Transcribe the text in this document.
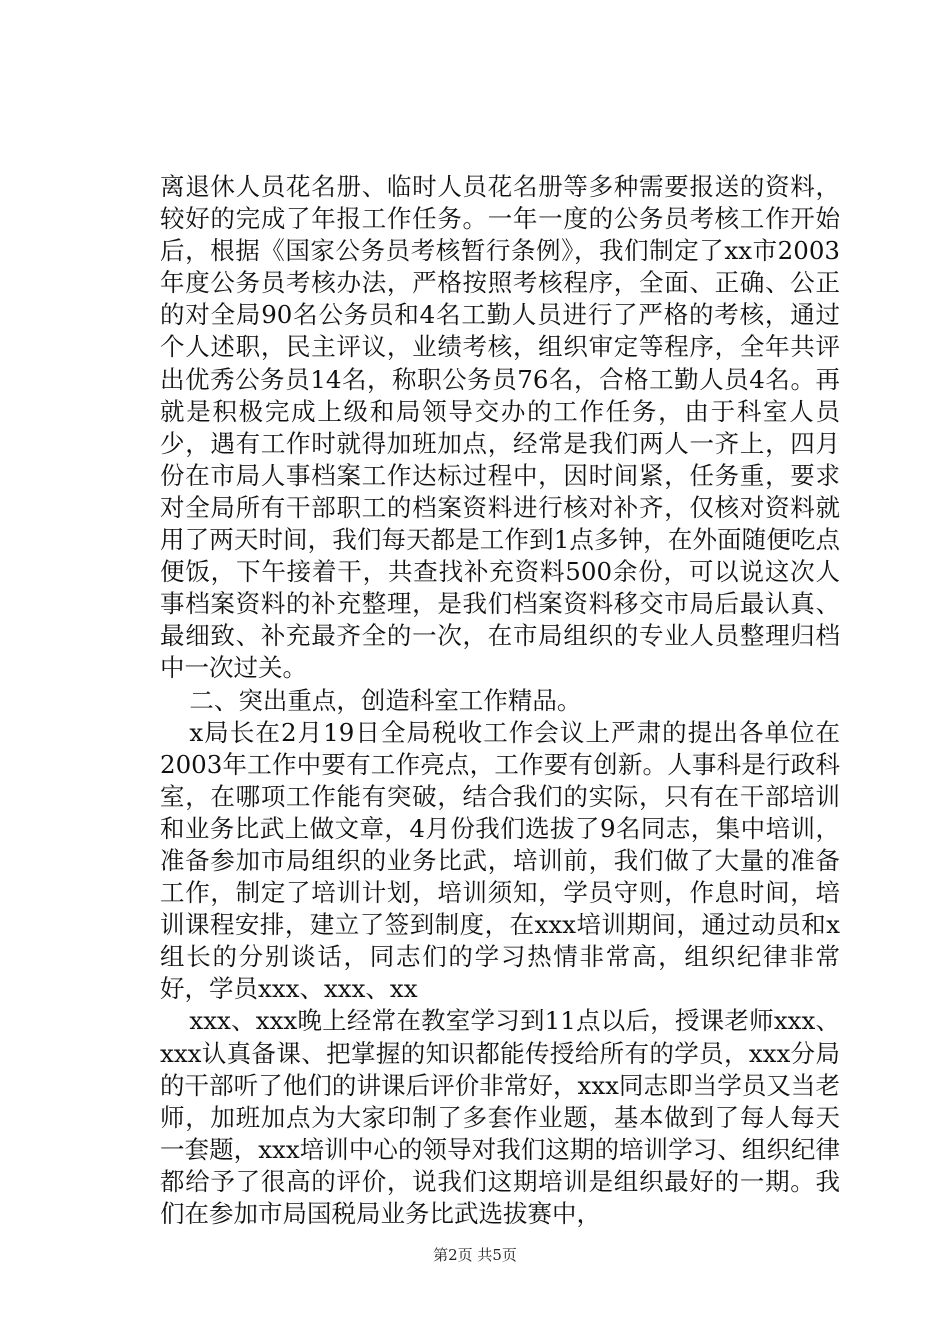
离退休人员花名册、临时人员花名册等多种需要报送的资料，较好的完成了年报工作任务。一年一度的公务员考核工作开始后，根据《国家公务员考核暂行条例》，我们制定了xx市2003年度公务员考核办法，严格按照考核程序，全面、正确、公正的对全局90名公务员和4名工勤人员进行了严格的考核，通过个人述职，民主评议，业绩考核，组织审定等程序，全年共评出优秀公务员14名，称职公务员76名，合格工勤人员4名。再就是积极完成上级和局领导交办的工作任务，由于科室人员少，遇有工作时就得加班加点，经常是我们两人一齐上，四月份在市局人事档案工作达标过程中，因时间紧，任务重，要求对全局所有干部职工的档案资料进行核对补齐，仅核对资料就用了两天时间，我们每天都是工作到1点多钟，在外面随便吃点便饭，下午接着干，共查找补充资料500余份，可以说这次人事档案资料的补充整理，是我们档案资料移交市局后最认真、最细致、补充最齐全的一次，在市局组织的专业人员整理归档中一次过关。

二、突出重点，创造科室工作精品。

x局长在2月19日全局税收工作会议上严肃的提出各单位在2003年工作中要有工作亮点，工作要有创新。人事科是行政科室，在哪项工作能有突破，结合我们的实际，只有在干部培训和业务比武上做文章，4月份我们选拔了9名同志，集中培训，准备参加市局组织的业务比武，培训前，我们做了大量的准备工作，制定了培训计划，培训须知，学员守则，作息时间，培训课程安排，建立了签到制度，在xxx培训期间，通过动员和x组长的分别谈话，同志们的学习热情非常高，组织纪律非常好，学员xxx、xxx、xx

xxx、xxx晚上经常在教室学习到11点以后，授课老师xxx、xxx认真备课、把掌握的知识都能传授给所有的学员，xxx分局的干部听了他们的讲课后评价非常好，xxx同志即当学员又当老师，加班加点为大家印制了多套作业题，基本做到了每人每天一套题，xxx培训中心的领导对我们这期的培训学习、组织纪律都给予了很高的评价，说我们这期培训是组织最好的一期。我们在参加市局国税局业务比武选拔赛中，

第2页 共5页
